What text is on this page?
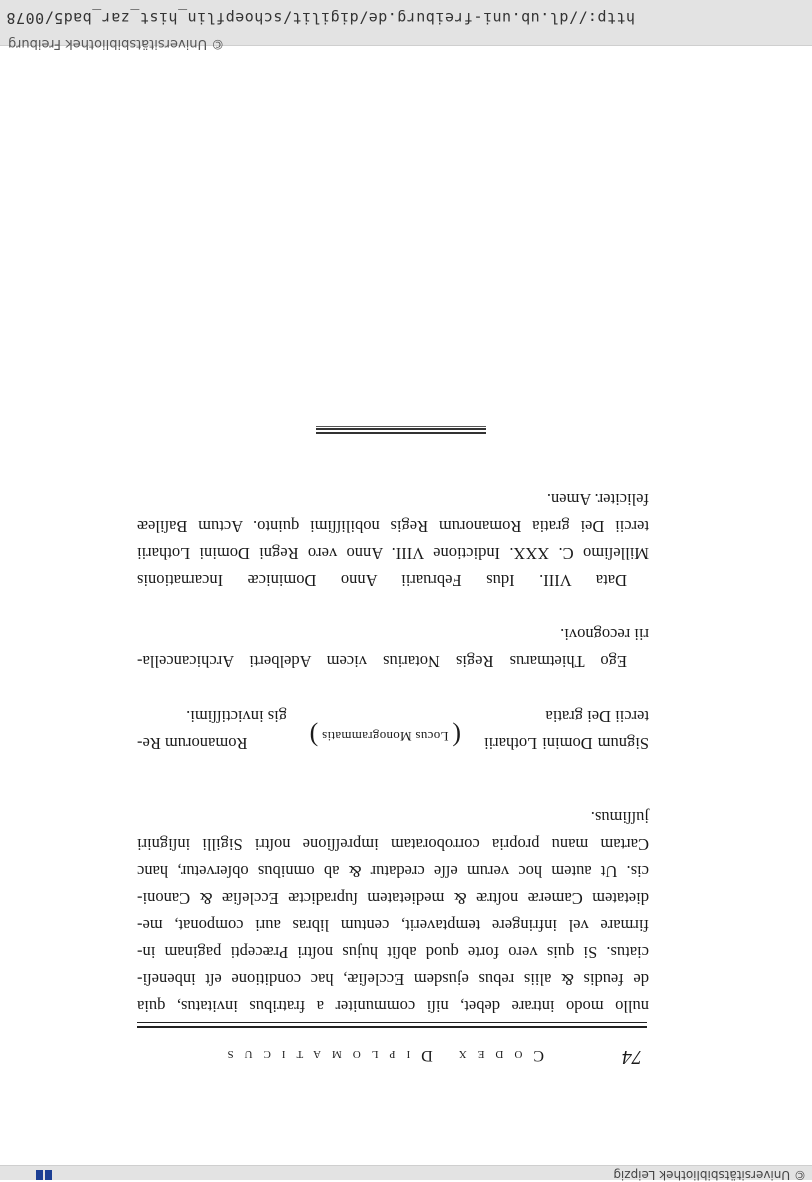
© Universitätsbibliothek Leipzig
74
Codex Diplomaticus
nullo modo intrare debet, niſi communiter a fratribus invitatus, quia
de feudis & aliis rebus ejusdem Eccleſiæ, hac conditione eſt inbeneſi-
ciatus. Si quis vero forte quod abſit hujus noſtri Præcepti paginam in-
firmare vel infringere temptaverit, centum libras auri componat, me-
dietatem Cameræ noſtræ & medietatem ſupradictæ Eccleſiæ & Canoni-
cis. Ut autem hoc verum eſſe credatur & ab omnibus obſervetur, hanc
Cartam manu propria corroboratam impreſſione noſtri Sigilli inſigniri
juſſimus.
Signum Domini Lotharii
tercii Dei gratia
( Locus Monogrammatis )
Romanorum Re-
gis invictiſſimi.
Ego Thietmarus Regis Notarius vicem Adelberti Archicancella-
rii recognovi.
Data VIII. Idus Februarii Anno Dominicæ Incarnationis
Milleſimo C. XXX. Indictione VIII. Anno vero Regni Domini Lotharii
tercii Dei gratia Romanorum Regis nobiliſſimi quinto. Actum Baſileæ
feliciter. Amen.
© Universitätsbibliothek Freiburg
http://dl.ub.uni-freiburg.de/digilit/schoepflin_hist_zar_bad5/0078
